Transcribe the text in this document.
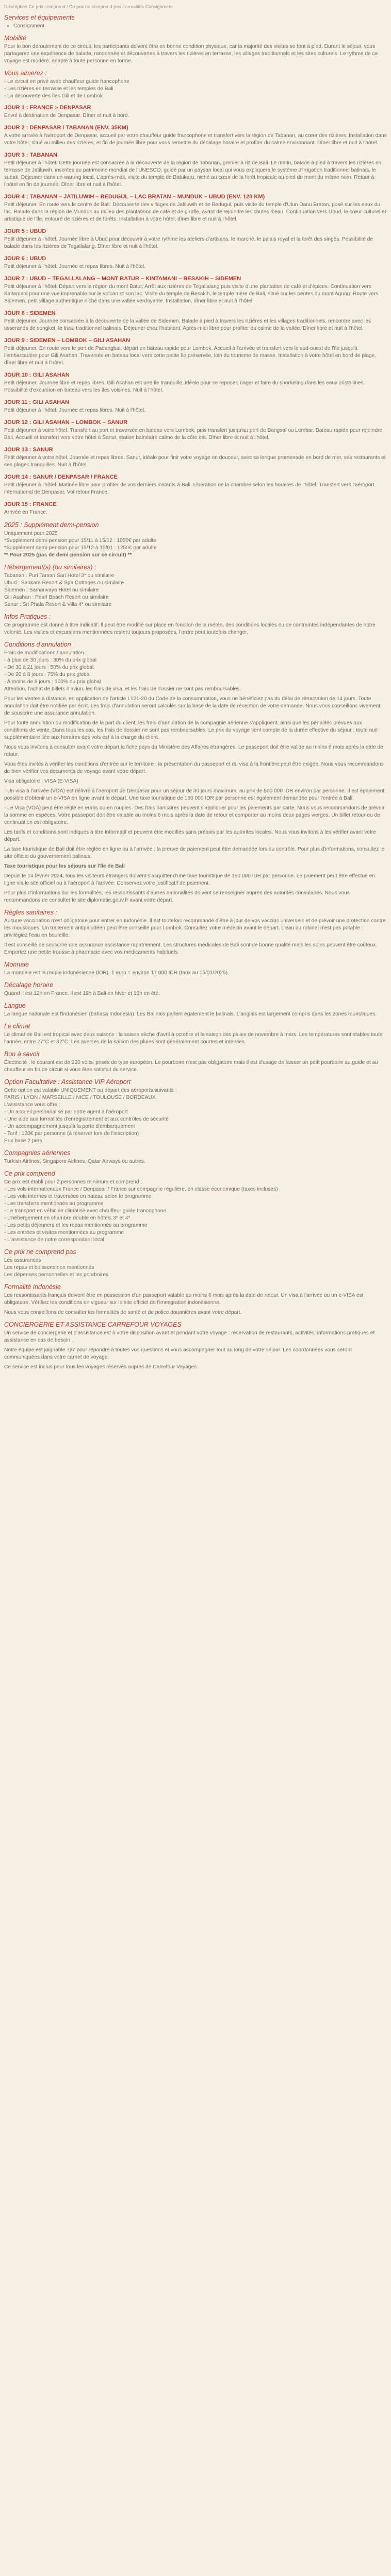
Description Ce prix comprend / Ce prix ne comprend pas Formalités Consignment
Services et équipements
• Consignment
Mobilité

Pour le bon déroulement de ce circuit, les participants doivent être en bonne condition physique, car la majorité des visites se font à pied. Durant le séjour, vous partagerez une expérience de balade, randonnée et découvertes à travers les rizières en terrasse, les villages traditionnels et les sites culturels. Le rythme de ce voyage est modéré, adapté à toute personne en forme.

Vous aimerez :
- Le circuit en privé avec chauffeur guide francophone
- Les rizières en terrasse et les temples de Bali
- La découverte des îles Gili et de Lombok
JOUR 1 : FRANCE » DENPASAR

Envol à destination de Denpasar. Dîner et nuit à bord.

JOUR 2 : DENPASAR / TABANAN (ENV. 35KM)

A votre arrivée à l'aéroport de Denpasar, accueil par votre chauffeur guide francophone et transfert vers la région de Tabanan, au cœur des rizières. Installation dans votre hôtel, situé au milieu des rizières, et fin de journée libre pour vous remettre du décalage horaire et profiter du calme environnant. Dîner libre et nuit à l'hôtel.

JOUR 3 : TABANAN

Petit déjeuner à l'hôtel. Cette journée est consacrée à la découverte de la région de Tabanan, grenier à riz de Bali. Le matin, balade à pied à travers les rizières en terrasse de Jatiluwih, inscrites au patrimoine mondial de l'UNESCO, guidé par un paysan local qui vous expliquera le système d'irrigation traditionnel balinais, le subak. Déjeuner dans un warung local. L'après-midi, visite du temple de Batukaru, niché au cœur de la forêt tropicale au pied du mont du même nom. Retour à l'hôtel en fin de journée. Dîner libre et nuit à l'hôtel.

JOUR 4 : TABANAN – JATILUWIH – BEDUGUL – LAC BRATAN – MUNDUK – UBUD (ENV. 120 KM)

Petit déjeuner. En route vers le centre de Bali. Découverte des villages de Jatiluwih et de Bedugul, puis visite du temple d'Ulun Danu Bratan, posé sur les eaux du lac. Balade dans la région de Munduk au milieu des plantations de café et de girofle, avant de rejoindre les chutes d'eau. Continuation vers Ubud, le cœur culturel et artistique de l'île, entouré de rizières et de forêts. Installation à votre hôtel, dîner libre et nuit à l'hôtel.

JOUR 5 : UBUD

Petit déjeuner à l'hôtel. Journée libre à Ubud pour découvrir à votre rythme les ateliers d'artisans, le marché, le palais royal et la forêt des singes. Possibilité de balade dans les rizières de Tegallalang. Dîner libre et nuit à l'hôtel.

JOUR 6 : UBUD

Petit déjeuner à l'hôtel. Journée et repas libres. Nuit à l'hôtel.

JOUR 7 : UBUD – TEGALLALANG – MONT BATUR – KINTAMANI – BESAKIH – SIDEMEN

Petit déjeuner à l'hôtel. Départ vers la région du mont Batur. Arrêt aux rizières de Tegallalang puis visite d'une plantation de café et d'épices. Continuation vers Kintamani pour une vue imprenable sur le volcan et son lac. Visite du temple de Besakih, le temple mère de Bali, situé sur les pentes du mont Agung. Route vers Sidemen, petit village authentique niché dans une vallée verdoyante. Installation, dîner libre et nuit à l'hôtel.

JOUR 8 : SIDEMEN

Petit déjeuner. Journée consacrée à la découverte de la vallée de Sidemen. Balade à pied à travers les rizières et les villages traditionnels, rencontre avec les tisserands de songket, le tissu traditionnel balinais. Déjeuner chez l'habitant. Après-midi libre pour profiter du calme de la vallée. Dîner libre et nuit à l'hôtel.

JOUR 9 : SIDEMEN – LOMBOK – GILI ASAHAN

Petit déjeuner. En route vers le port de Padangbai, départ en bateau rapide pour Lombok. Accueil à l'arrivée et transfert vers le sud-ouest de l'île jusqu'à l'embarcadère pour Gili Asahan. Traversée en bateau local vers cette petite île préservée, loin du tourisme de masse. Installation à votre hôtel en bord de plage, dîner libre et nuit à l'hôtel.

JOUR 10 : GILI ASAHAN

Petit déjeuner. Journée libre et repas libres. Gili Asahan est une île tranquille, idéale pour se reposer, nager et faire du snorkeling dans les eaux cristallines. Possibilité d'excursion en bateau vers les îles voisines. Nuit à l'hôtel.

JOUR 11 : GILI ASAHAN

Petit déjeuner à l'hôtel. Journée et repas libres. Nuit à l'hôtel.

JOUR 12 : GILI ASAHAN – LOMBOK – SANUR

Petit déjeuner à votre hôtel. Transfert au port et traversée en bateau vers Lombok, puis transfert jusqu'au port de Bangsal ou Lembar. Bateau rapide pour rejoindre Bali. Accueil et transfert vers votre hôtel à Sanur, station balnéaire calme de la côte est. Dîner libre et nuit à l'hôtel.

JOUR 13 : SANUR

Petit déjeuner à votre hôtel. Journée et repas libres. Sanur, idéale pour finir votre voyage en douceur, avec sa longue promenade en bord de mer, ses restaurants et ses plages tranquilles. Nuit à l'hôtel.

JOUR 14 : SANUR / DENPASAR / FRANCE

Petit déjeuner à l'hôtel. Matinée libre pour profiter de vos derniers instants à Bali. Libération de la chambre selon les horaires de l'hôtel. Transfert vers l'aéroport international de Denpasar. Vol retour France.

JOUR 15 : FRANCE

Arrivée en France.

2025 : Supplément demi-pension
Uniquement pour 2025
*Supplément demi-pension pour 15/11 à 15/12 : 1050€ par adulte
*Supplément demi-pension pour 15/12 à 15/01 : 1250€ par adulte
** Pour 2025 (pas de demi-pension sur ce circuit) **
Hébergement(s) (ou similaires) :
Tabanan : Puri Taman Sari Hotel 3* ou similaire
Ubud : Sankara Resort & Spa Cottages ou similaire
Sidemen : Samanvaya Hotel ou similaire
Gili Asahan : Pearl Beach Resort ou similaire
Sanur : Sri Phala Resort & Villa 4* ou similaire
Infos Pratiques :

Ce programme est donné à titre indicatif. Il peut être modifié sur place en fonction de la météo, des conditions locales ou de contraintes indépendantes de notre volonté. Les visites et excursions mentionnées restent toujours proposées, l'ordre peut toutefois changer.

Conditions d'annulation
Frais de modifications / annulation :
- à plus de 30 jours : 30% du prix global
- De 30 à 21 jours : 50% du prix global
- De 20 à 8 jours : 75% du prix global
- A moins de 8 jours : 100% du prix global

Attention, l'achat de billets d'avion, les frais de visa, et les frais de dossier ne sont pas remboursables.

Pour les ventes à distance, en application de l'article L121-20 du Code de la consommation, vous ne bénéficiez pas du délai de rétractation de 14 jours. Toute annulation doit être notifiée par écrit. Les frais d'annulation seront calculés sur la base de la date de réception de votre demande. Nous vous conseillons vivement de souscrire une assurance annulation.

Pour toute annulation ou modification de la part du client, les frais d'annulation de la compagnie aérienne s'appliquent, ainsi que les pénalités prévues aux conditions de vente. Dans tous les cas, les frais de dossier ne sont pas remboursables. Le prix du voyage tient compte de la durée effective du séjour ; toute nuit supplémentaire liée aux horaires des vols est à la charge du client.

Nous vous invitons à consulter avant votre départ la fiche pays du Ministère des Affaires étrangères. Le passeport doit être valide au moins 6 mois après la date de retour.

Vous êtes invités à vérifier les conditions d'entrée sur le territoire ; la présentation du passeport et du visa à la frontière peut être exigée. Nous vous recommandons de bien vérifier vos documents de voyage avant votre départ.

Visa obligatoire : VISA (E-VISA)

- Un visa à l'arrivée (VOA) est délivré à l'aéroport de Denpasar pour un séjour de 30 jours maximum, au prix de 500 000 IDR environ par personne. Il est également possible d'obtenir un e-VISA en ligne avant le départ. Une taxe touristique de 150 000 IDR par personne est également demandée pour l'entrée à Bali.

- Le Visa (VOA) peut être réglé en euros ou en roupies. Des frais bancaires peuvent s'appliquer pour les paiements par carte. Nous vous recommandons de prévoir la somme en espèces. Votre passeport doit être valable au moins 6 mois après la date de retour et comporter au moins deux pages vierges. Un billet retour ou de continuation est obligatoire.

Les tarifs et conditions sont indiqués à titre informatif et peuvent être modifiés sans préavis par les autorités locales. Nous vous invitons à les vérifier avant votre départ.

La taxe touristique de Bali doit être réglée en ligne ou à l'arrivée ; la preuve de paiement peut être demandée lors du contrôle. Pour plus d'informations, consultez le site officiel du gouvernement balinais.

Taxe touristique pour les séjours sur l'île de Bali

Depuis le 14 février 2024, tous les visiteurs étrangers doivent s'acquitter d'une taxe touristique de 150 000 IDR par personne. Le paiement peut être effectué en ligne via le site officiel ou à l'aéroport à l'arrivée. Conservez votre justificatif de paiement.

Pour plus d'informations sur les formalités, les ressortissants d'autres nationalités doivent se renseigner auprès des autorités consulaires. Nous vous recommandons de consulter le site diplomatie.gouv.fr avant votre départ.

Règles sanitaires :

Aucune vaccination n'est obligatoire pour entrer en Indonésie. Il est toutefois recommandé d'être à jour de vos vaccins universels et de prévoir une protection contre les moustiques. Un traitement antipaludéen peut être conseillé pour Lombok. Consultez votre médecin avant le départ. L'eau du robinet n'est pas potable : privilégiez l'eau en bouteille.

Il est conseillé de souscrire une assurance assistance rapatriement. Les structures médicales de Bali sont de bonne qualité mais les soins peuvent être coûteux. Emportez une petite trousse à pharmacie avec vos médicaments habituels.

Monnaie

La monnaie est la roupie indonésienne (IDR). 1 euro = environ 17 000 IDR (taux au 15/01/2025).

Décalage horaire

Quand il est 12h en France, il est 19h à Bali en hiver et 18h en été.

Langue

La langue nationale est l'indonésien (bahasa Indonesia). Les Balinais parlent également le balinais. L'anglais est largement compris dans les zones touristiques.

Le climat

Le climat de Bali est tropical avec deux saisons : la saison sèche d'avril à octobre et la saison des pluies de novembre à mars. Les températures sont stables toute l'année, entre 27°C et 32°C. Les averses de la saison des pluies sont généralement courtes et intenses.

Bon à savoir

Électricité : le courant est de 220 volts, prises de type européen. Le pourboire n'est pas obligatoire mais il est d'usage de laisser un petit pourboire au guide et au chauffeur en fin de circuit si vous êtes satisfait du service.

Option Facultative : Assistance VIP Aéroport
Cette option est valable UNIQUEMENT au départ des aéroports suivants :
PARIS / LYON / MARSEILLE / NICE / TOULOUSE / BORDEAUX
L'assistance vous offre :
- Un accueil personnalisé par notre agent à l'aéroport
- Une aide aux formalités d'enregistrement et aux contrôles de sécurité
- Un accompagnement jusqu'à la porte d'embarquement
- Tarif : 120€ par personne (à réserver lors de l'inscription)
Prix base 2 pers
Compagnies aériennes

Turkish Airlines, Singapore Airlines, Qatar Airways ou autres.

Ce prix comprend
Ce prix est établi pour 2 personnes minimum et comprend :
- Les vols internationaux France / Denpasar / France sur compagnie régulière, en classe économique (taxes incluses)
- Les vols internes et traversées en bateau selon le programme
- Les transferts mentionnés au programme
- Le transport en véhicule climatisé avec chauffeur guide francophone
- L'hébergement en chambre double en hôtels 3* et 4*
- Les petits déjeuners et les repas mentionnés au programme
- Les entrées et visites mentionnées au programme
- L'assistance de notre correspondant local
Ce prix ne comprend pas
Les assurances
Les repas et boissons non mentionnés
Les dépenses personnelles et les pourboires
Formalité Indonésie

Les ressortissants français doivent être en possession d'un passeport valable au moins 6 mois après la date de retour. Un visa à l'arrivée ou un e-VISA est obligatoire. Vérifiez les conditions en vigueur sur le site officiel de l'immigration indonésienne.

Nous vous conseillons de consulter les formalités de santé et de police douanières avant votre départ.

CONCIERGERIE ET ASSISTANCE CARREFOUR VOYAGES

Un service de conciergerie et d'assistance est à votre disposition avant et pendant votre voyage : réservation de restaurants, activités, informations pratiques et assistance en cas de besoin.

Notre équipe est joignable 7j/7 pour répondre à toutes vos questions et vous accompagner tout au long de votre séjour. Les coordonnées vous seront communiquées dans votre carnet de voyage.

Ce service est inclus pour tous les voyages réservés auprès de Carrefour Voyages.
